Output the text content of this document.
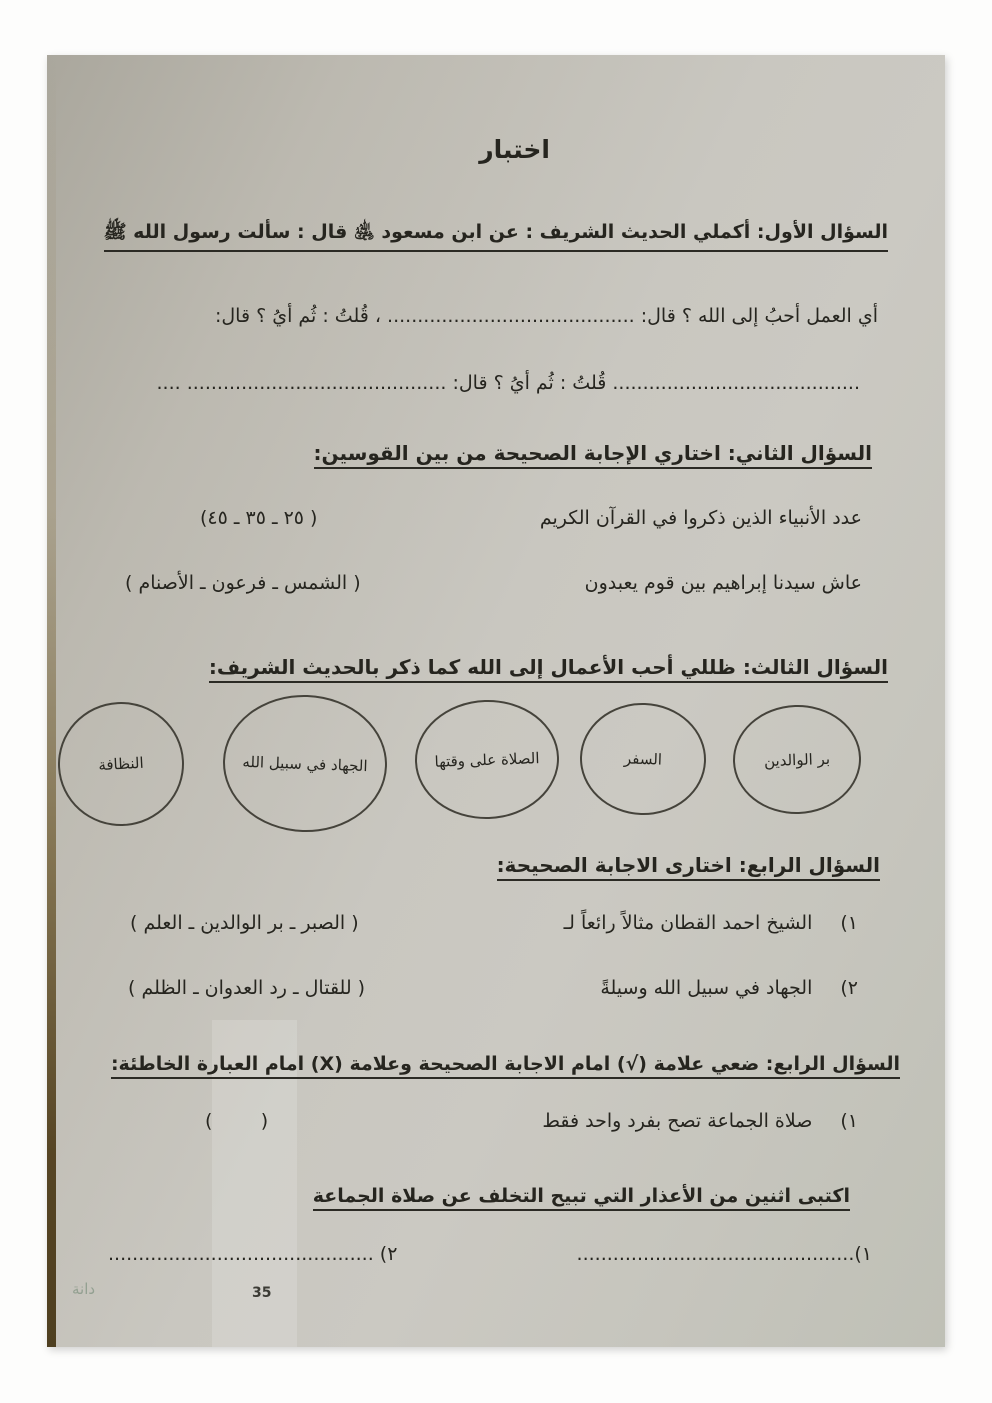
اختبار
السؤال الأول: أكملي الحديث الشريف : عن ابن مسعود ﵁ قال : سألت رسول الله ﷺ
أي العمل أحبُ إلى الله ؟ قال: ......................................... ، قُلتُ : ثُم أيُ ؟ قال:
......................................... قُلتُ : ثُم أيُ ؟ قال: ........................................... ....
السؤال الثاني: اختاري الإجابة الصحيحة من بين القوسين:
عدد الأنبياء الذين ذكروا في القرآن الكريم
( ٢٥ ـ ٣٥ ـ ٤٥)
عاش سيدنا إبراهيم بين قوم يعبدون
( الشمس ـ فرعون ـ الأصنام )
السؤال الثالث: ظللي أحب الأعمال إلى الله كما ذكر بالحديث الشريف:
بر الوالدين
السفر
الصلاة على وقتها
الجهاد في سبيل الله
النظافة
السؤال الرابع: اختارى الاجابة الصحيحة:
١)الشيخ احمد القطان مثالاً رائعاً لـ
( الصبر ـ بر الوالدين ـ العلم )
٢)الجهاد في سبيل الله وسيلةً
( للقتال ـ رد العدوان ـ الظلم )
السؤال الرابع: ضعي علامة (√) امام الاجابة الصحيحة وعلامة (X) امام العبارة الخاطئة:
١)صلاة الجماعة تصح بفرد واحد فقط
(        )
اكتبى اثنين من الأعذار التي تبيح التخلف عن صلاة الجماعة
١)..............................................
٢) ............................................
35
دانة
